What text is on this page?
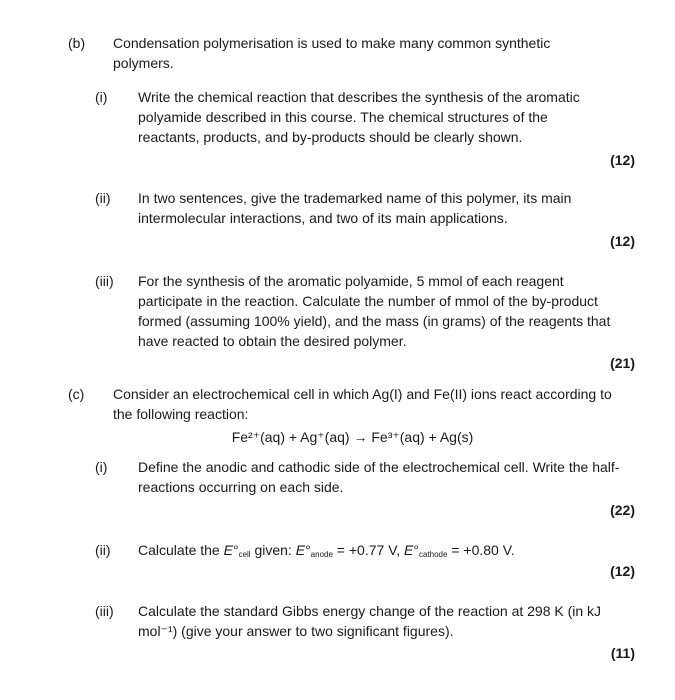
(b) Condensation polymerisation is used to make many common synthetic polymers.
(i) Write the chemical reaction that describes the synthesis of the aromatic polyamide described in this course. The chemical structures of the reactants, products, and by-products should be clearly shown.
(12)
(ii) In two sentences, give the trademarked name of this polymer, its main intermolecular interactions, and two of its main applications.
(12)
(iii) For the synthesis of the aromatic polyamide, 5 mmol of each reagent participate in the reaction. Calculate the number of mmol of the by-product formed (assuming 100% yield), and the mass (in grams) of the reagents that have reacted to obtain the desired polymer.
(21)
(c) Consider an electrochemical cell in which Ag(I) and Fe(II) ions react according to the following reaction:
Fe²⁺(aq) + Ag⁺(aq) → Fe³⁺(aq) + Ag(s)
(i) Define the anodic and cathodic side of the electrochemical cell. Write the half-reactions occurring on each side.
(22)
(ii) Calculate the $E^\circ_{cell}$ given: $E^\circ_{anode} = +0.77$ V, $E^\circ_{cathode} = +0.80$ V.
(12)
(iii) Calculate the standard Gibbs energy change of the reaction at 298 K (in kJ mol⁻¹) (give your answer to two significant figures).
(11)
